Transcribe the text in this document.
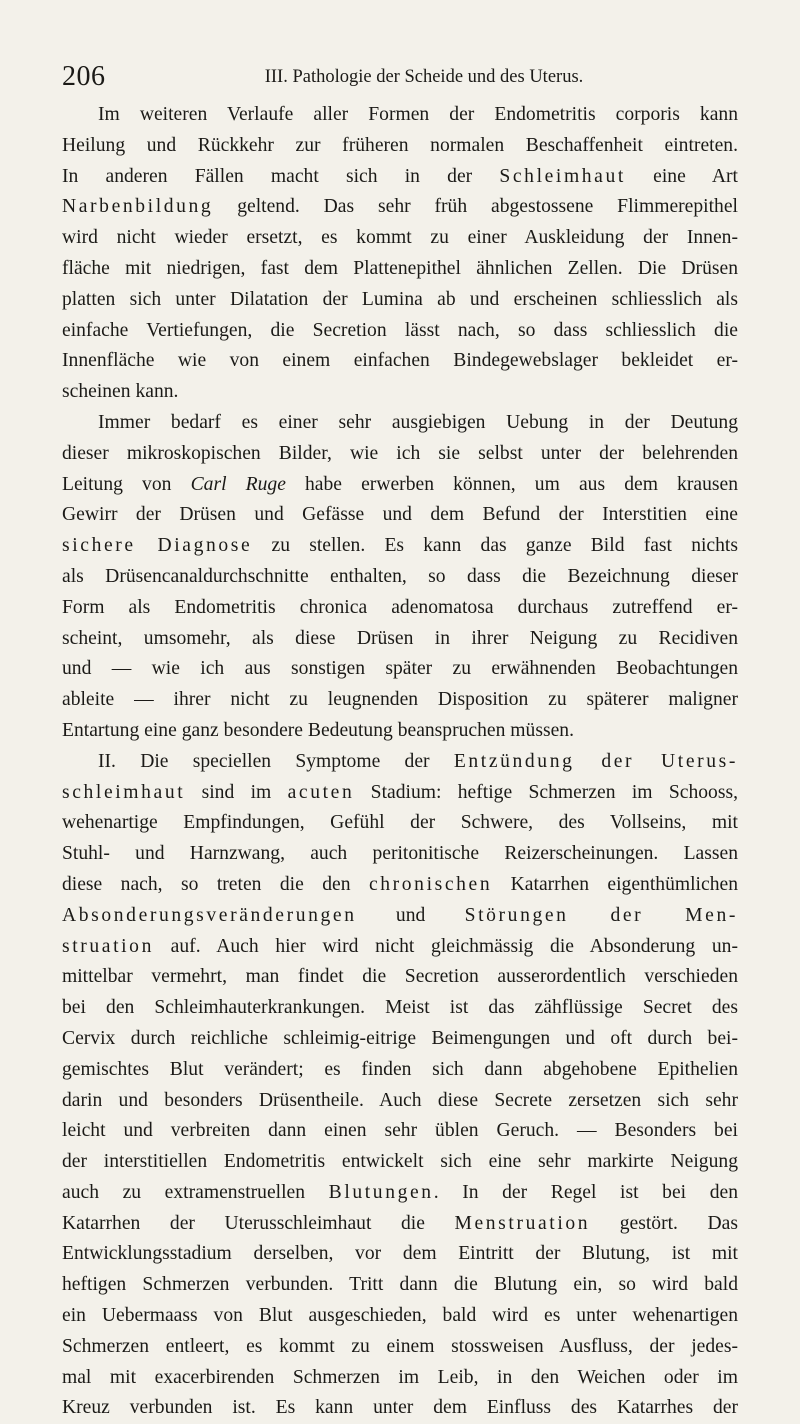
206	III. Pathologie der Scheide und des Uterus.
Im weiteren Verlaufe aller Formen der Endometritis corporis kann
Heilung und Rückkehr zur früheren normalen Beschaffenheit eintreten.
In anderen Fällen macht sich in der Schleimhaut eine Art
Narbenbildung geltend. Das sehr früh abgestossene Flimmerepithel
wird nicht wieder ersetzt, es kommt zu einer Auskleidung der Innen-
fläche mit niedrigen, fast dem Plattenepithel ähnlichen Zellen. Die Drüsen
platten sich unter Dilatation der Lumina ab und erscheinen schliesslich als
einfache Vertiefungen, die Secretion lässt nach, so dass schliesslich die
Innenfläche wie von einem einfachen Bindegewebslager bekleidet er-
scheinen kann.
Immer bedarf es einer sehr ausgiebigen Uebung in der Deutung
dieser mikroskopischen Bilder, wie ich sie selbst unter der belehrenden
Leitung von Carl Ruge habe erwerben können, um aus dem krausen
Gewirr der Drüsen und Gefässe und dem Befund der Interstitien eine
sichere Diagnose zu stellen. Es kann das ganze Bild fast nichts
als Drüsencanaldurchschnitte enthalten, so dass die Bezeichnung dieser
Form als Endometritis chronica adenomatosa durchaus zutreffend er-
scheint, umsomehr, als diese Drüsen in ihrer Neigung zu Recidiven
und — wie ich aus sonstigen später zu erwähnenden Beobachtungen
ableite — ihrer nicht zu leugnenden Disposition zu späterer maligner
Entartung eine ganz besondere Bedeutung beanspruchen müssen.
II. Die speciellen Symptome der Entzündung der Uterus-
schleimhaut sind im acuten Stadium: heftige Schmerzen im Schooss,
wehenartige Empfindungen, Gefühl der Schwere, des Vollseins, mit
Stuhl- und Harnzwang, auch peritonitische Reizerscheinungen. Lassen
diese nach, so treten die den chronischen Katarrhen eigenthümlichen
Absonderungsveränderungen und Störungen der Men-
struation auf. Auch hier wird nicht gleichmässig die Absonderung un-
mittelbar vermehrt, man findet die Secretion ausserordentlich verschieden
bei den Schleimhauterkrankungen. Meist ist das zähflüssige Secret des
Cervix durch reichliche schleimig-eitrige Beimengungen und oft durch bei-
gemischtes Blut verändert; es finden sich dann abgehobene Epithelien
darin und besonders Drüsentheile. Auch diese Secrete zersetzen sich sehr
leicht und verbreiten dann einen sehr üblen Geruch. — Besonders bei
der interstitiellen Endometritis entwickelt sich eine sehr markirte Neigung
auch zu extramenstruellen Blutungen. In der Regel ist bei den
Katarrhen der Uterusschleimhaut die Menstruation gestört. Das
Entwicklungsstadium derselben, vor dem Eintritt der Blutung, ist mit
heftigen Schmerzen verbunden. Tritt dann die Blutung ein, so wird bald
ein Uebermaass von Blut ausgeschieden, bald wird es unter wehenartigen
Schmerzen entleert, es kommt zu einem stossweisen Ausfluss, der jedes-
mal mit exacerbirenden Schmerzen im Leib, in den Weichen oder im
Kreuz verbunden ist. Es kann unter dem Einfluss des Katarrhes der
